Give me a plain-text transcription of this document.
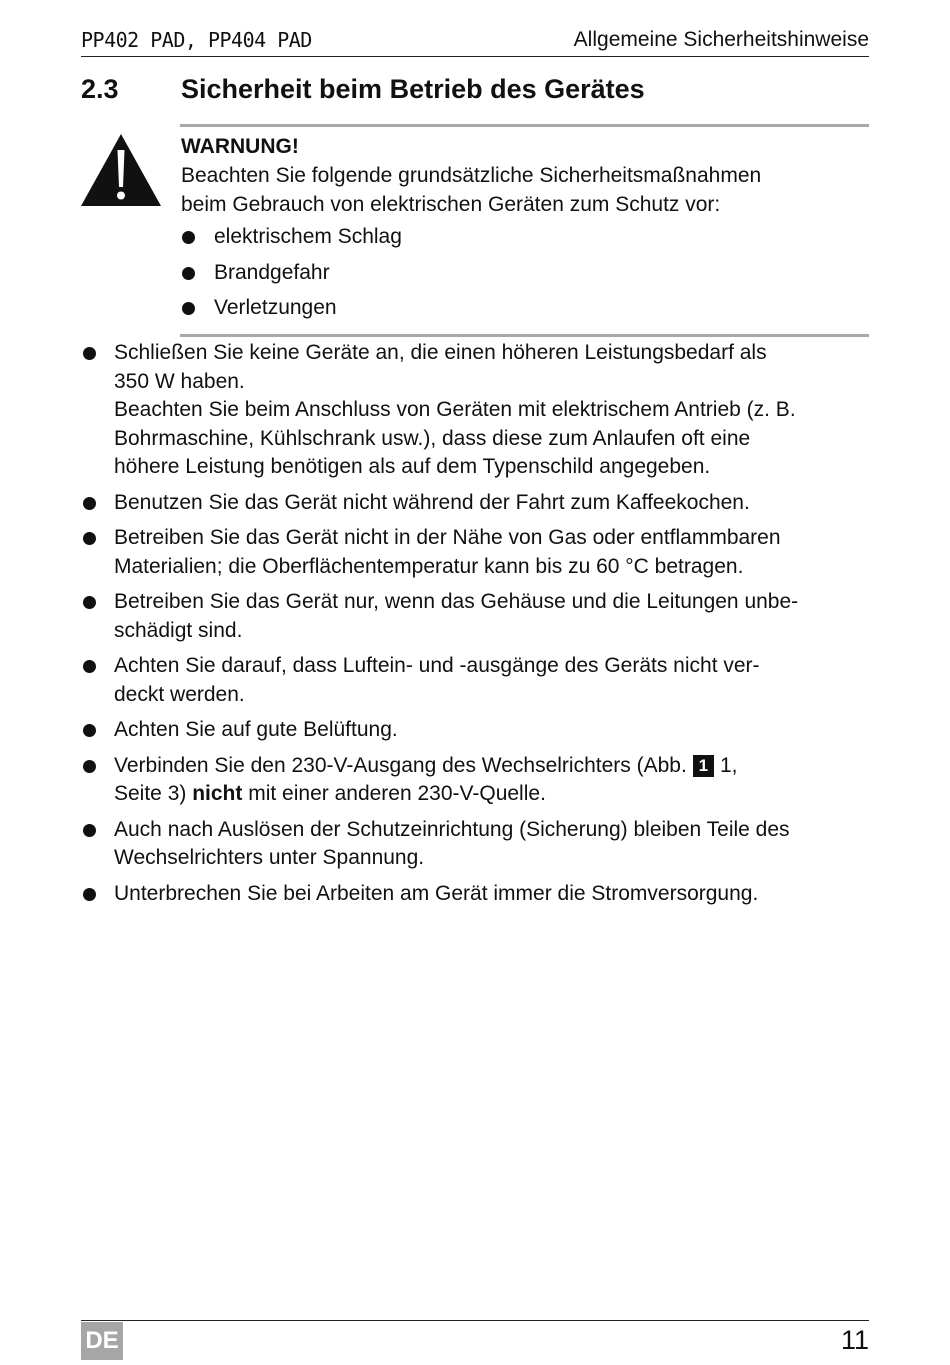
PP402 PAD, PP404 PAD	Allgemeine Sicherheitshinweise
2.3 Sicherheit beim Betrieb des Gerätes
WARNUNG!
Beachten Sie folgende grundsätzliche Sicherheitsmaßnahmen
beim Gebrauch von elektrischen Geräten zum Schutz vor:
elektrischem Schlag
Brandgefahr
Verletzungen
Schließen Sie keine Geräte an, die einen höheren Leistungsbedarf als
350 W haben.
Beachten Sie beim Anschluss von Geräten mit elektrischem Antrieb (z. B.
Bohrmaschine, Kühlschrank usw.), dass diese zum Anlaufen oft eine
höhere Leistung benötigen als auf dem Typenschild angegeben.
Benutzen Sie das Gerät nicht während der Fahrt zum Kaffeekochen.
Betreiben Sie das Gerät nicht in der Nähe von Gas oder entflammbaren
Materialien; die Oberflächentemperatur kann bis zu 60 °C betragen.
Betreiben Sie das Gerät nur, wenn das Gehäuse und die Leitungen unbe-
schädigt sind.
Achten Sie darauf, dass Luftein- und -ausgänge des Geräts nicht ver-
deckt werden.
Achten Sie auf gute Belüftung.
Verbinden Sie den 230-V-Ausgang des Wechselrichters (Abb. 1 1,
Seite 3) nicht mit einer anderen 230-V-Quelle.
Auch nach Auslösen der Schutzeinrichtung (Sicherung) bleiben Teile des
Wechselrichters unter Spannung.
Unterbrechen Sie bei Arbeiten am Gerät immer die Stromversorgung.
DE	11
